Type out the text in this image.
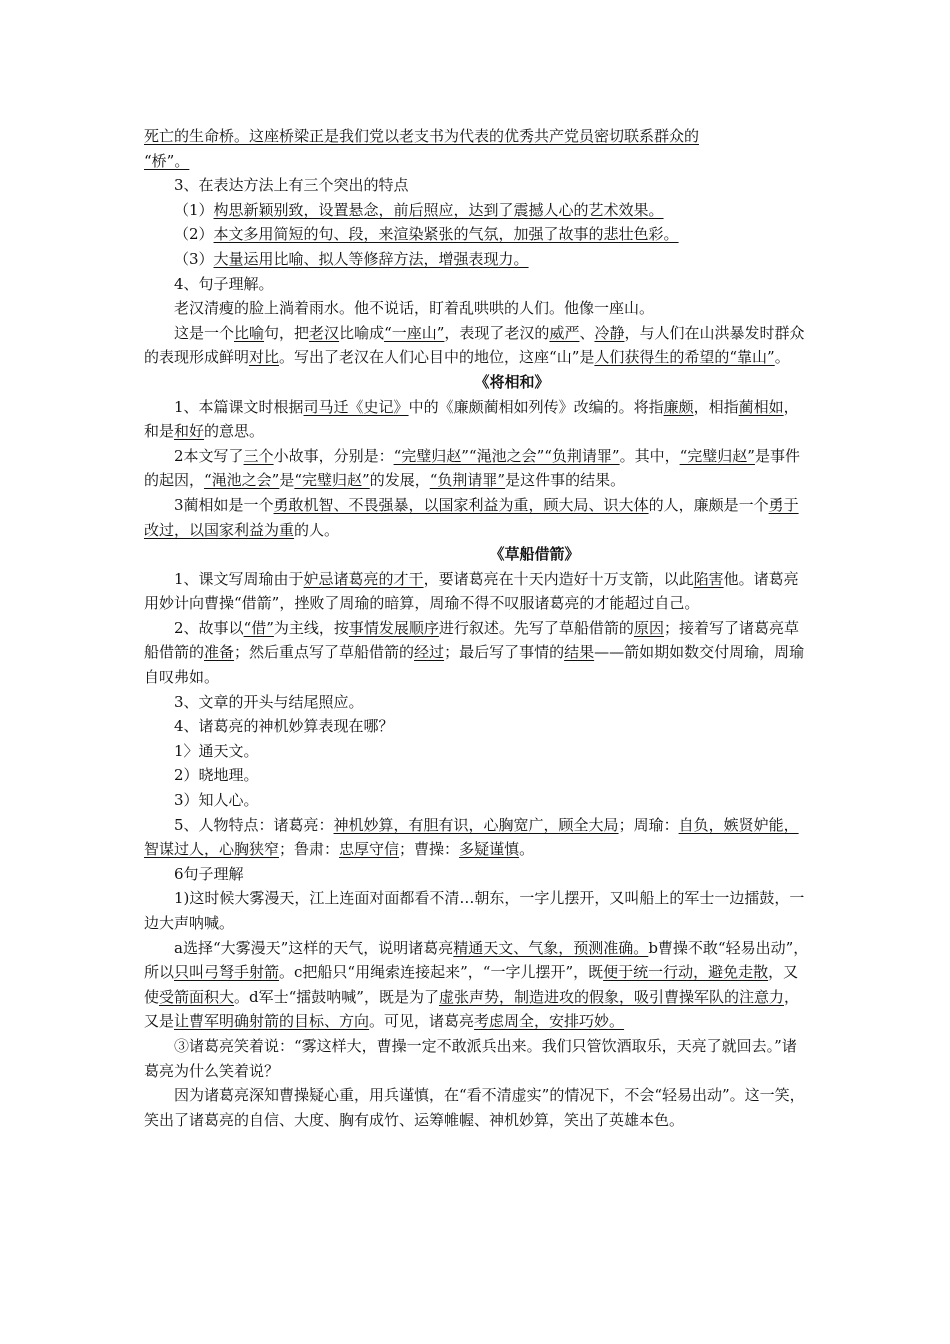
死亡的生命桥。这座桥梁正是我们党以老支书为代表的优秀共产党员密切联系群众的
“桥”。

3、在表达方法上有三个突出的特点

（1）构思新颖别致，设置悬念，前后照应，达到了震撼人心的艺术效果。

（2）本文多用简短的句、段，来渲染紧张的气氛，加强了故事的悲壮色彩。

（3）大量运用比喻、拟人等修辞方法，增强表现力。

4、句子理解。

老汉清瘦的脸上淌着雨水。他不说话，盯着乱哄哄的人们。他像一座山。

这是一个比喻句，把老汉比喻成“一座山”，表现了老汉的威严、冷静，与人们在山洪暴发时群众的表现形成鲜明对比。写出了老汉在人们心目中的地位，这座“山”是人们获得生的希望的“靠山”。

《将相和》

1、本篇课文时根据司马迁《史记》中的《廉颇蔺相如列传》改编的。将指廉颇，相指蔺相如，和是和好的意思。

2本文写了三个小故事，分别是：“完璧归赵”“渑池之会”“负荆请罪”。其中，“完璧归赵”是事件的起因，“渑池之会”是“完璧归赵”的发展，“负荆请罪”是这件事的结果。

3蔺相如是一个勇敢机智、不畏强暴，以国家利益为重，顾大局、识大体的人，廉颇是一个勇于改过，以国家利益为重的人。

《草船借箭》

1、课文写周瑜由于妒忌诸葛亮的才干，要诸葛亮在十天内造好十万支箭，以此陷害他。诸葛亮用妙计向曹操“借箭”，挫败了周瑜的暗算，周瑜不得不叹服诸葛亮的才能超过自己。

2、故事以“借”为主线，按事情发展顺序进行叙述。先写了草船借箭的原因；接着写了诸葛亮草船借箭的准备；然后重点写了草船借箭的经过；最后写了事情的结果——箭如期如数交付周瑜，周瑜自叹弗如。

3、文章的开头与结尾照应。

4、诸葛亮的神机妙算表现在哪？

1〉通天文。

2）晓地理。

3）知人心。

5、人物特点：诸葛亮：神机妙算，有胆有识，心胸宽广，顾全大局；周瑜：自负，嫉贤妒能，智谋过人，心胸狭窄；鲁肃：忠厚守信；曹操：多疑谨慎。

6句子理解

1)这时候大雾漫天，江上连面对面都看不清…朝东，一字儿摆开，又叫船上的军士一边擂鼓，一边大声呐喊。

a选择“大雾漫天”这样的天气，说明诸葛亮精通天文、气象，预测准确。b曹操不敢“轻易出动”，所以只叫弓弩手射箭。c把船只“用绳索连接起来”，“一字儿摆开”，既便于统一行动，避免走散，又使受箭面积大。d军士“擂鼓呐喊”，既是为了虚张声势，制造进攻的假象，吸引曹操军队的注意力，又是让曹军明确射箭的目标、方向。可见，诸葛亮考虑周全，安排巧妙。

③诸葛亮笑着说：“雾这样大，曹操一定不敢派兵出来。我们只管饮酒取乐，天亮了就回去。”诸葛亮为什么笑着说？

因为诸葛亮深知曹操疑心重，用兵谨慎，在“看不清虚实”的情况下，不会“轻易出动”。这一笑，笑出了诸葛亮的自信、大度、胸有成竹、运筹帷幄、神机妙算，笑出了英雄本色。
